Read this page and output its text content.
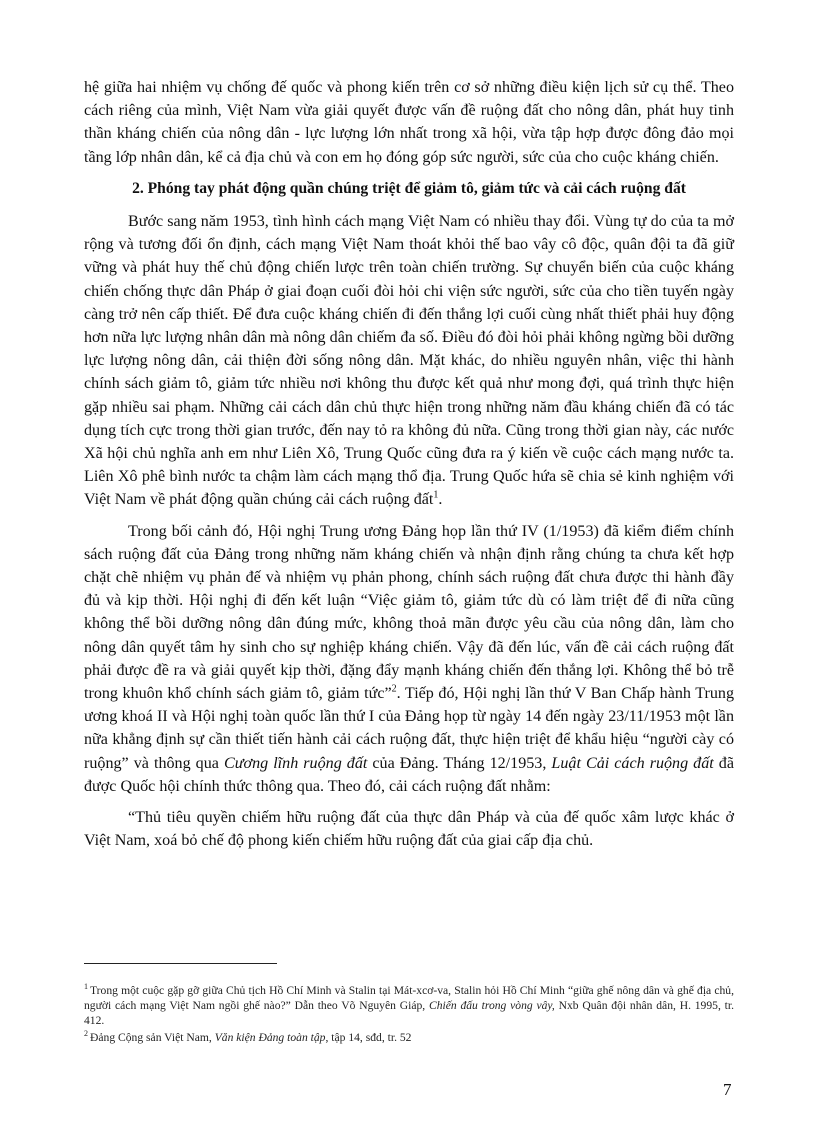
hệ giữa hai nhiệm vụ chống đế quốc và phong kiến trên cơ sở những điều kiện lịch sử cụ thể. Theo cách riêng của mình, Việt Nam vừa giải quyết được vấn đề ruộng đất cho nông dân, phát huy tinh thần kháng chiến của nông dân - lực lượng lớn nhất trong xã hội, vừa tập hợp được đông đảo mọi tầng lớp nhân dân, kể cả địa chủ và con em họ đóng góp sức người, sức của cho cuộc kháng chiến.

2. Phóng tay phát động quần chúng triệt để giảm tô, giảm tức và cải cách ruộng đất

Bước sang năm 1953, tình hình cách mạng Việt Nam có nhiều thay đổi. Vùng tự do của ta mở rộng và tương đối ổn định, cách mạng Việt Nam thoát khỏi thế bao vây cô độc, quân đội ta đã giữ vững và phát huy thế chủ động chiến lược trên toàn chiến trường. Sự chuyển biến của cuộc kháng chiến chống thực dân Pháp ở giai đoạn cuối đòi hỏi chi viện sức người, sức của cho tiền tuyến ngày càng trở nên cấp thiết. Để đưa cuộc kháng chiến đi đến thắng lợi cuối cùng nhất thiết phải huy động hơn nữa lực lượng nhân dân mà nông dân chiếm đa số. Điều đó đòi hỏi phải không ngừng bồi dưỡng lực lượng nông dân, cải thiện đời sống nông dân. Mặt khác, do nhiều nguyên nhân, việc thi hành chính sách giảm tô, giảm tức nhiều nơi không thu được kết quả như mong đợi, quá trình thực hiện gặp nhiều sai phạm. Những cải cách dân chủ thực hiện trong những năm đầu kháng chiến đã có tác dụng tích cực trong thời gian trước, đến nay tỏ ra không đủ nữa. Cũng trong thời gian này, các nước Xã hội chủ nghĩa anh em như Liên Xô, Trung Quốc cũng đưa ra ý kiến về cuộc cách mạng nước ta. Liên Xô phê bình nước ta chậm làm cách mạng thổ địa. Trung Quốc hứa sẽ chia sẻ kinh nghiệm với Việt Nam về phát động quần chúng cải cách ruộng đất$^1$.

Trong bối cảnh đó, Hội nghị Trung ương Đảng họp lần thứ IV (1/1953) đã kiểm điểm chính sách ruộng đất của Đảng trong những năm kháng chiến và nhận định rằng chúng ta chưa kết hợp chặt chẽ nhiệm vụ phản đế và nhiệm vụ phản phong, chính sách ruộng đất chưa được thi hành đầy đủ và kịp thời. Hội nghị đi đến kết luận “Việc giảm tô, giảm tức dù có làm triệt để đi nữa cũng không thể bồi dưỡng nông dân đúng mức, không thoả mãn được yêu cầu của nông dân, làm cho nông dân quyết tâm hy sinh cho sự nghiệp kháng chiến. Vậy đã đến lúc, vấn đề cải cách ruộng đất phải được đề ra và giải quyết kịp thời, đặng đẩy mạnh kháng chiến đến thắng lợi. Không thể bỏ trễ trong khuôn khổ chính sách giảm tô, giảm tức”$^2$. Tiếp đó, Hội nghị lần thứ V Ban Chấp hành Trung ương khoá II và Hội nghị toàn quốc lần thứ I của Đảng họp từ ngày 14 đến ngày 23/11/1953 một lần nữa khẳng định sự cần thiết tiến hành cải cách ruộng đất, thực hiện triệt để khẩu hiệu “người cày có ruộng” và thông qua Cương lĩnh ruộng đất của Đảng. Tháng 12/1953, Luật Cải cách ruộng đất đã được Quốc hội chính thức thông qua. Theo đó, cải cách ruộng đất nhằm:

“Thủ tiêu quyền chiếm hữu ruộng đất của thực dân Pháp và của đế quốc xâm lược khác ở Việt Nam, xoá bỏ chế độ phong kiến chiếm hữu ruộng đất của giai cấp địa chủ.

$^1$ Trong một cuộc gặp gỡ giữa Chủ tịch Hồ Chí Minh và Stalin tại Mát-xcơ-va, Stalin hỏi Hồ Chí Minh “giữa ghế nông dân và ghế địa chủ, người cách mạng Việt Nam ngồi ghế nào?” Dẫn theo Võ Nguyên Giáp, Chiến đấu trong vòng vây, Nxb Quân đội nhân dân, H. 1995, tr. 412.

$^2$ Đảng Cộng sản Việt Nam, Văn kiện Đảng toàn tập, tập 14, sđd, tr. 52

7
